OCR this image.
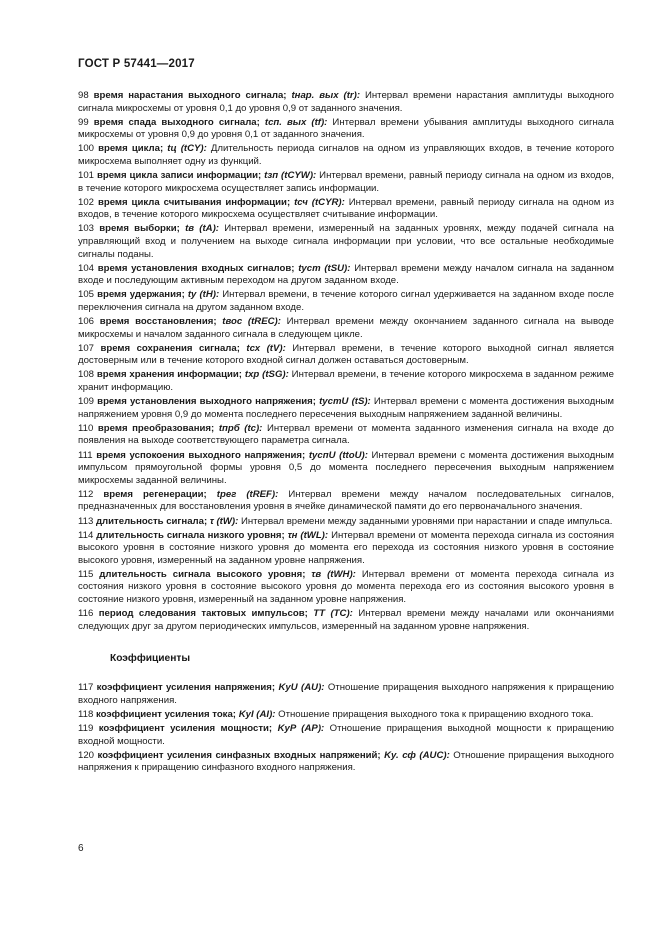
ГОСТ Р 57441—2017
98 время нарастания выходного сигнала; tнар. вых (tr): Интервал времени нарастания амплитуды выходного сигнала микросхемы от уровня 0,1 до уровня 0,9 от заданного значения.
99 время спада выходного сигнала; tсп. вых (tf): Интервал времени убывания амплитуды выходного сигнала микросхемы от уровня 0,9 до уровня 0,1 от заданного значения.
100 время цикла; tц (tCY): Длительность периода сигналов на одном из управляющих входов, в течение которого микросхема выполняет одну из функций.
101 время цикла записи информации; tзп (tCYW): Интервал времени, равный периоду сигнала на одном из входов, в течение которого микросхема осуществляет запись информации.
102 время цикла считывания информации; tсч (tCYR): Интервал времени, равный периоду сигнала на одном из входов, в течение которого микросхема осуществляет считывание информации.
103 время выборки; tв (tA): Интервал времени, измеренный на заданных уровнях, между подачей сигнала на управляющий вход и получением на выходе сигнала информации при условии, что все остальные необходимые сигналы поданы.
104 время установления входных сигналов; tуст (tSU): Интервал времени между началом сигнала на заданном входе и последующим активным переходом на другом заданном входе.
105 время удержания; tу (tH): Интервал времени, в течение которого сигнал удерживается на заданном входе после переключения сигнала на другом заданном входе.
106 время восстановления; tвос (tREC): Интервал времени между окончанием заданного сигнала на выводе микросхемы и началом заданного сигнала в следующем цикле.
107 время сохранения сигнала; tсх (tV): Интервал времени, в течение которого выходной сигнал является достоверным или в течение которого входной сигнал должен оставаться достоверным.
108 время хранения информации; tхр (tSG): Интервал времени, в течение которого микросхема в заданном режиме хранит информацию.
109 время установления выходного напряжения; tустU (tS): Интервал времени с момента достижения выходным напряжением уровня 0,9 до момента последнего пересечения выходным напряжением заданной величины.
110 время преобразования; tпрб (tc): Интервал времени от момента заданного изменения сигнала на входе до появления на выходе соответствующего параметра сигнала.
111 время успокоения выходного напряжения; tуспU (ttoU): Интервал времени с момента достижения выходным импульсом прямоугольной формы уровня 0,5 до момента последнего пересечения выходным напряжением микросхемы заданной величины.
112 время регенерации; tрег (tREF): Интервал времени между началом последовательных сигналов, предназначенных для восстановления уровня в ячейке динамической памяти до его первоначального значения.
113 длительность сигнала; τ (tW): Интервал времени между заданными уровнями при нарастании и спаде импульса.
114 длительность сигнала низкого уровня; τн (tWL): Интервал времени от момента перехода сигнала из состояния высокого уровня в состояние низкого уровня до момента его перехода из состояния низкого уровня в состояние высокого уровня, измеренный на заданном уровне напряжения.
115 длительность сигнала высокого уровня; τв (tWH): Интервал времени от момента перехода сигнала из состояния низкого уровня в состояние высокого уровня до момента перехода его из состояния высокого уровня в состояние низкого уровня, измеренный на заданном уровне напряжения.
116 период следования тактовых импульсов; TТ (TC): Интервал времени между началами или окончаниями следующих друг за другом периодических импульсов, измеренный на заданном уровне напряжения.
Коэффициенты
117 коэффициент усиления напряжения; KyU (AU): Отношение приращения выходного напряжения к приращению входного напряжения.
118 коэффициент усиления тока; KyI (AI): Отношение приращения выходного тока к приращению входного тока.
119 коэффициент усиления мощности; KyP (AP): Отношение приращения выходной мощности к приращению входной мощности.
120 коэффициент усиления синфазных входных напряжений; Ky. сф (AUC): Отношение приращения выходного напряжения к приращению синфазного входного напряжения.
6
